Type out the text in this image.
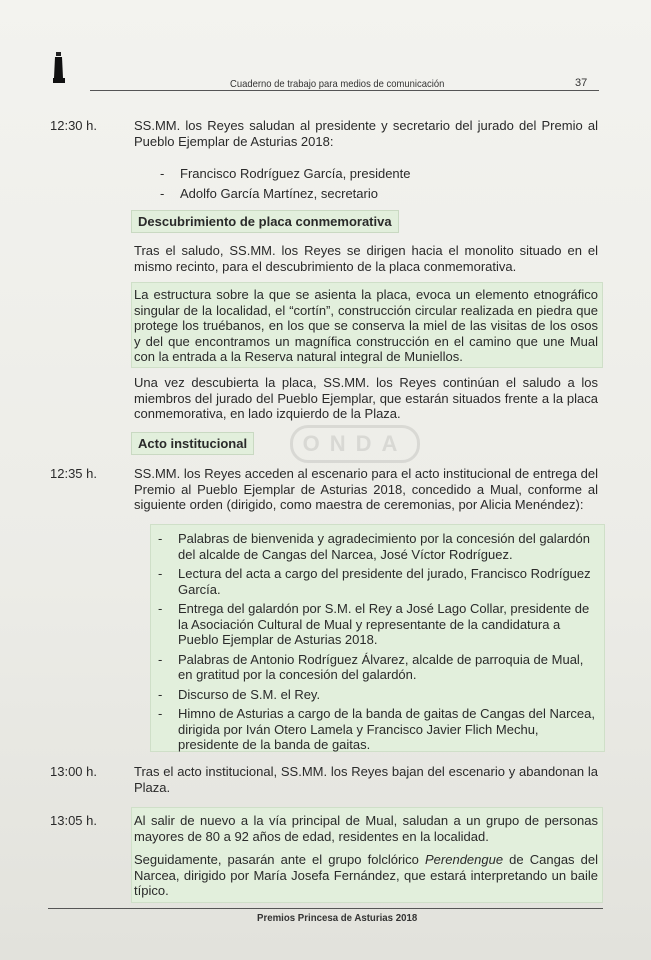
Cuaderno de trabajo para medios de comunicación	37
12:30 h.	SS.MM. los Reyes saludan al presidente y secretario del jurado del Premio al Pueblo Ejemplar de Asturias 2018:
- Francisco Rodríguez García, presidente
- Adolfo García Martínez, secretario
Descubrimiento de placa conmemorativa
Tras el saludo, SS.MM. los Reyes se dirigen hacia el monolito situado en el mismo recinto, para el descubrimiento de la placa conmemorativa.
La estructura sobre la que se asienta la placa, evoca un elemento etnográfico singular de la localidad, el “cortín”, construcción circular realizada en piedra que protege los truébanos, en los que se conserva la miel de las visitas de los osos y del que encontramos un magnífica construcción en el camino que une Mual con la entrada a la Reserva natural integral de Muniellos.
Una vez descubierta la placa, SS.MM. los Reyes continúan el saludo a los miembros del jurado del Pueblo Ejemplar, que estarán situados frente a la placa conmemorativa, en lado izquierdo de la Plaza.
ONDA
Acto institucional
12:35 h.	SS.MM. los Reyes acceden al escenario para el acto institucional de entrega del Premio al Pueblo Ejemplar de Asturias 2018, concedido a Mual, conforme al siguiente orden (dirigido, como maestra de ceremonias, por Alicia Menéndez):
- Palabras de bienvenida y agradecimiento por la concesión del galardón del alcalde de Cangas del Narcea, José Víctor Rodríguez.
- Lectura del acta a cargo del presidente del jurado, Francisco Rodríguez García.
- Entrega del galardón por S.M. el Rey a José Lago Collar, presidente de la Asociación Cultural de Mual y representante de la candidatura a Pueblo Ejemplar de Asturias 2018.
- Palabras de Antonio Rodríguez Álvarez, alcalde de parroquia de Mual, en gratitud por la concesión del galardón.
- Discurso de S.M. el Rey.
- Himno de Asturias a cargo de la banda de gaitas de Cangas del Narcea, dirigida por Iván Otero Lamela y Francisco Javier Flich Mechu, presidente de la banda de gaitas.
13:00 h.	Tras el acto institucional, SS.MM. los Reyes bajan del escenario y abandonan la Plaza.
13:05 h.	Al salir de nuevo a la vía principal de Mual, saludan a un grupo de personas mayores de 80 a 92 años de edad, residentes en la localidad.
Seguidamente, pasarán ante el grupo folclórico Perendengue de Cangas del Narcea, dirigido por María Josefa Fernández, que estará interpretando un baile típico.
Premios Princesa de Asturias 2018
